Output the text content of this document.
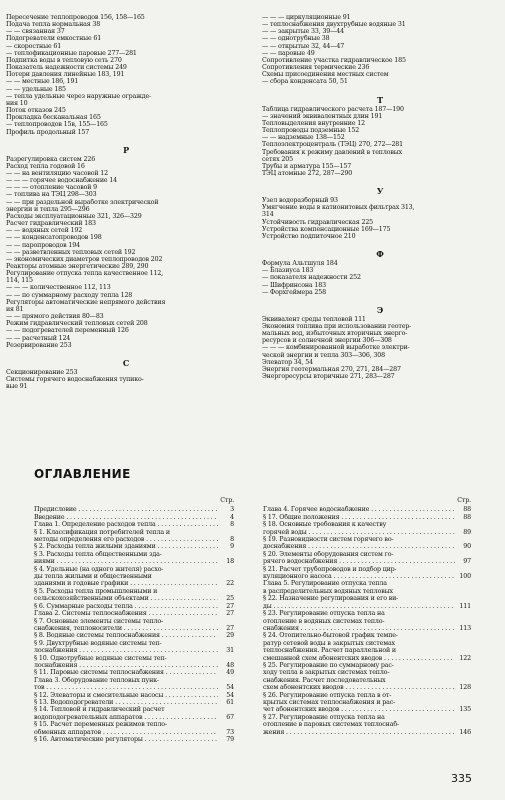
Пересечение теплопроводов 156, 158—165
Подача тепла нормальная 38
— — связанная 37
Подогреватели емкостные 61
— скоростные 61
— теплофикационные паровые 277—281
Подпитка воды в тепловую сеть 270
Показатель надежности системы 249
Потери давления линейные 183, 191
— — местные 186, 191
— — удельные 185
— тепла удельные через наружные огражде-
ния 10
Поток отказов 245
Прокладка бесканальная 165
— теплопроводов 15в, 155—165
Профиль продольный 157
Р
Разрегулировка систем 226
Расход тепла годовой 16
— — на вентиляцию часовой 12
— — — горячее водоснабжение 14
— — — отопление часовой 9
— топлива на ТЭЦ 298—303
— — при раздельной выработке электрической
энергии и тепла 295—296
Расходы эксплуатационные 321, 326—329
Расчет гидравлический 183
— — водяных сетей 192
— — конденсатопроводов 198
— — паропроводов 194
— — разветвленных тепловых сетей 192
— экономических диаметров теплопроводов 202
Реакторы атомные энергетические 289, 290
Регулирование отпуска тепла качественное 112,
114, 115
— — — количественное 112, 113
— — по суммарному расходу тепла 128
Регуляторы автоматические непрямого действия
ия 81
— — прямого действия 80—83
Режим гидравлический тепловых сетей 208
— — подогревателей переменный 126
— — расчетный 124
Резервирование 253
С
Секционирование 253
Системы горячего водоснабжения тупико-
вые 91
— — — циркуляционные 91
— теплоснабжения двухтрубные водяные 31
— — закрытые 33, 39—44
— — однотрубные 38
— — открытые 32, 44—47
— — паровые 49
Сопротивление участка гидравлическое 185
Сопротивления термические 236
Схемы присоединения местных систем
— сбора конденсата 50, 51
Т
Таблица гидравлического расчета 187—190
— значений эквивалентных длин 191
Тепловыделения внутренние 12
Теплопроводы подземные 152
— — надземные 138—152
Теплоэлектроцентраль (ТЭЦ) 270, 272—281
Требования к режиму давлений в тепловых
сетях 205
Трубы и арматура 155—157
ТЭЦ атомные 272, 287—290
У
Узел водоразборный 93
Умягчение воды в катионитовых фильтрах 313,
314
Устойчивость гидравлическая 225
Устройства компенсационные 169—175
Устройство подпиточное 210
Ф
Формула Альтшуля 184
— Блазиуса 183
— показателя надежности 252
— Шифринсона 183
— Форхгеймера 258
Э
Эквивалент среды тепловой 111
Экономия топлива при использовании геотер-
мальных вод, избыточных вторичных энерго-
ресурсов и солнечной энергии 306—308
— — — комбинированной выработке электри-
ческой энергии и тепла 303—306, 308
Элеватор 34, 54
Энергия геотермальная 270, 271, 284—287
Энергоресурсы вторичные 271, 283—287
ОГЛАВЛЕНИЕ
Стр.
Предисловие . . .	3
Введение . . .	4
Глава 1. Определение расходов тепла . . .	8
§ 1. Классификация потребителей тепла и
методы определения его расходов . . .	8
§ 2. Расходы тепла жилыми зданиями . . .	9
§ 3. Расходы тепла общественными зда-
ниями . . .	18
§ 4. Удельные (на одного жителя) расхо-
ды тепла жилыми и общественными
зданиями и годовые графики . . .	22
§ 5. Расходы тепла промышленными и
сельскохозяйственными объектами . . .	25
§ 6. Суммарные расходы тепла . . .	27
Глава 2. Системы теплоснабжения . . .	27
§ 7. Основные элементы системы тепло-
снабжения, теплоносители . . .	27
§ 8. Водяные системы теплоснабжения . . .	29
§ 9. Двухтрубные водяные системы теп-
лоснабжения . . .	31
§ 10. Однотрубные водяные системы теп-
лоснабжения . . .	48
§ 11. Паровые системы теплоснабжения . . .	49
Глава 3. Оборудование тепловых пунк-
тов . . .	54
§ 12. Элеваторы и смесительные насосы . . .	54
§ 13. Водоподогреватели . . .	61
§ 14. Тепловой и гидравлический расчет
водоподогревательных аппаратов . . .	67
§ 15. Расчет переменных режимов тепло-
обменных аппаратов . . .	73
§ 16. Автоматические регуляторы . . .	79
Стр.
Глава 4. Горячее водоснабжение . . .	88
§ 17. Общие положения . . .	88
§ 18. Основные требования к качеству
горячей воды . . .	89
§ 19. Разновидности систем горячего во-
доснабжения . . .	90
§ 20. Элементы оборудования систем го-
рячего водоснабжения . . .	97
§ 21. Расчет трубопроводов и подбор цир-
куляционного насоса . . .	100
Глава 5. Регулирование отпуска тепла
в распределительных водяных тепловых
§ 22. Назначение регулирования и его ви-
ды . . .	111
§ 23. Регулирование отпуска тепла на
отопление в водяных системах тепло-
снабжения . . .	113
§ 24. Отопительно-бытовой график темпе-
ратур сетевой воды в закрытых системах
теплоснабжения. Расчет параллельной и
смешанной схем абонентских вводов . . .	122
§ 25. Регулирование по суммарному рас-
ходу тепла в закрытых системах тепло-
снабжения. Расчет последовательных
схем абонентских вводов . . .	128
§ 26. Регулирование отпуска тепла в от-
крытых системах теплоснабжения и рас-
чет абонентских вводов . . .	135
§ 27. Регулирование отпуска тепла на
отопление в паровых системах теплоснаб-
жения . . .	146
335
